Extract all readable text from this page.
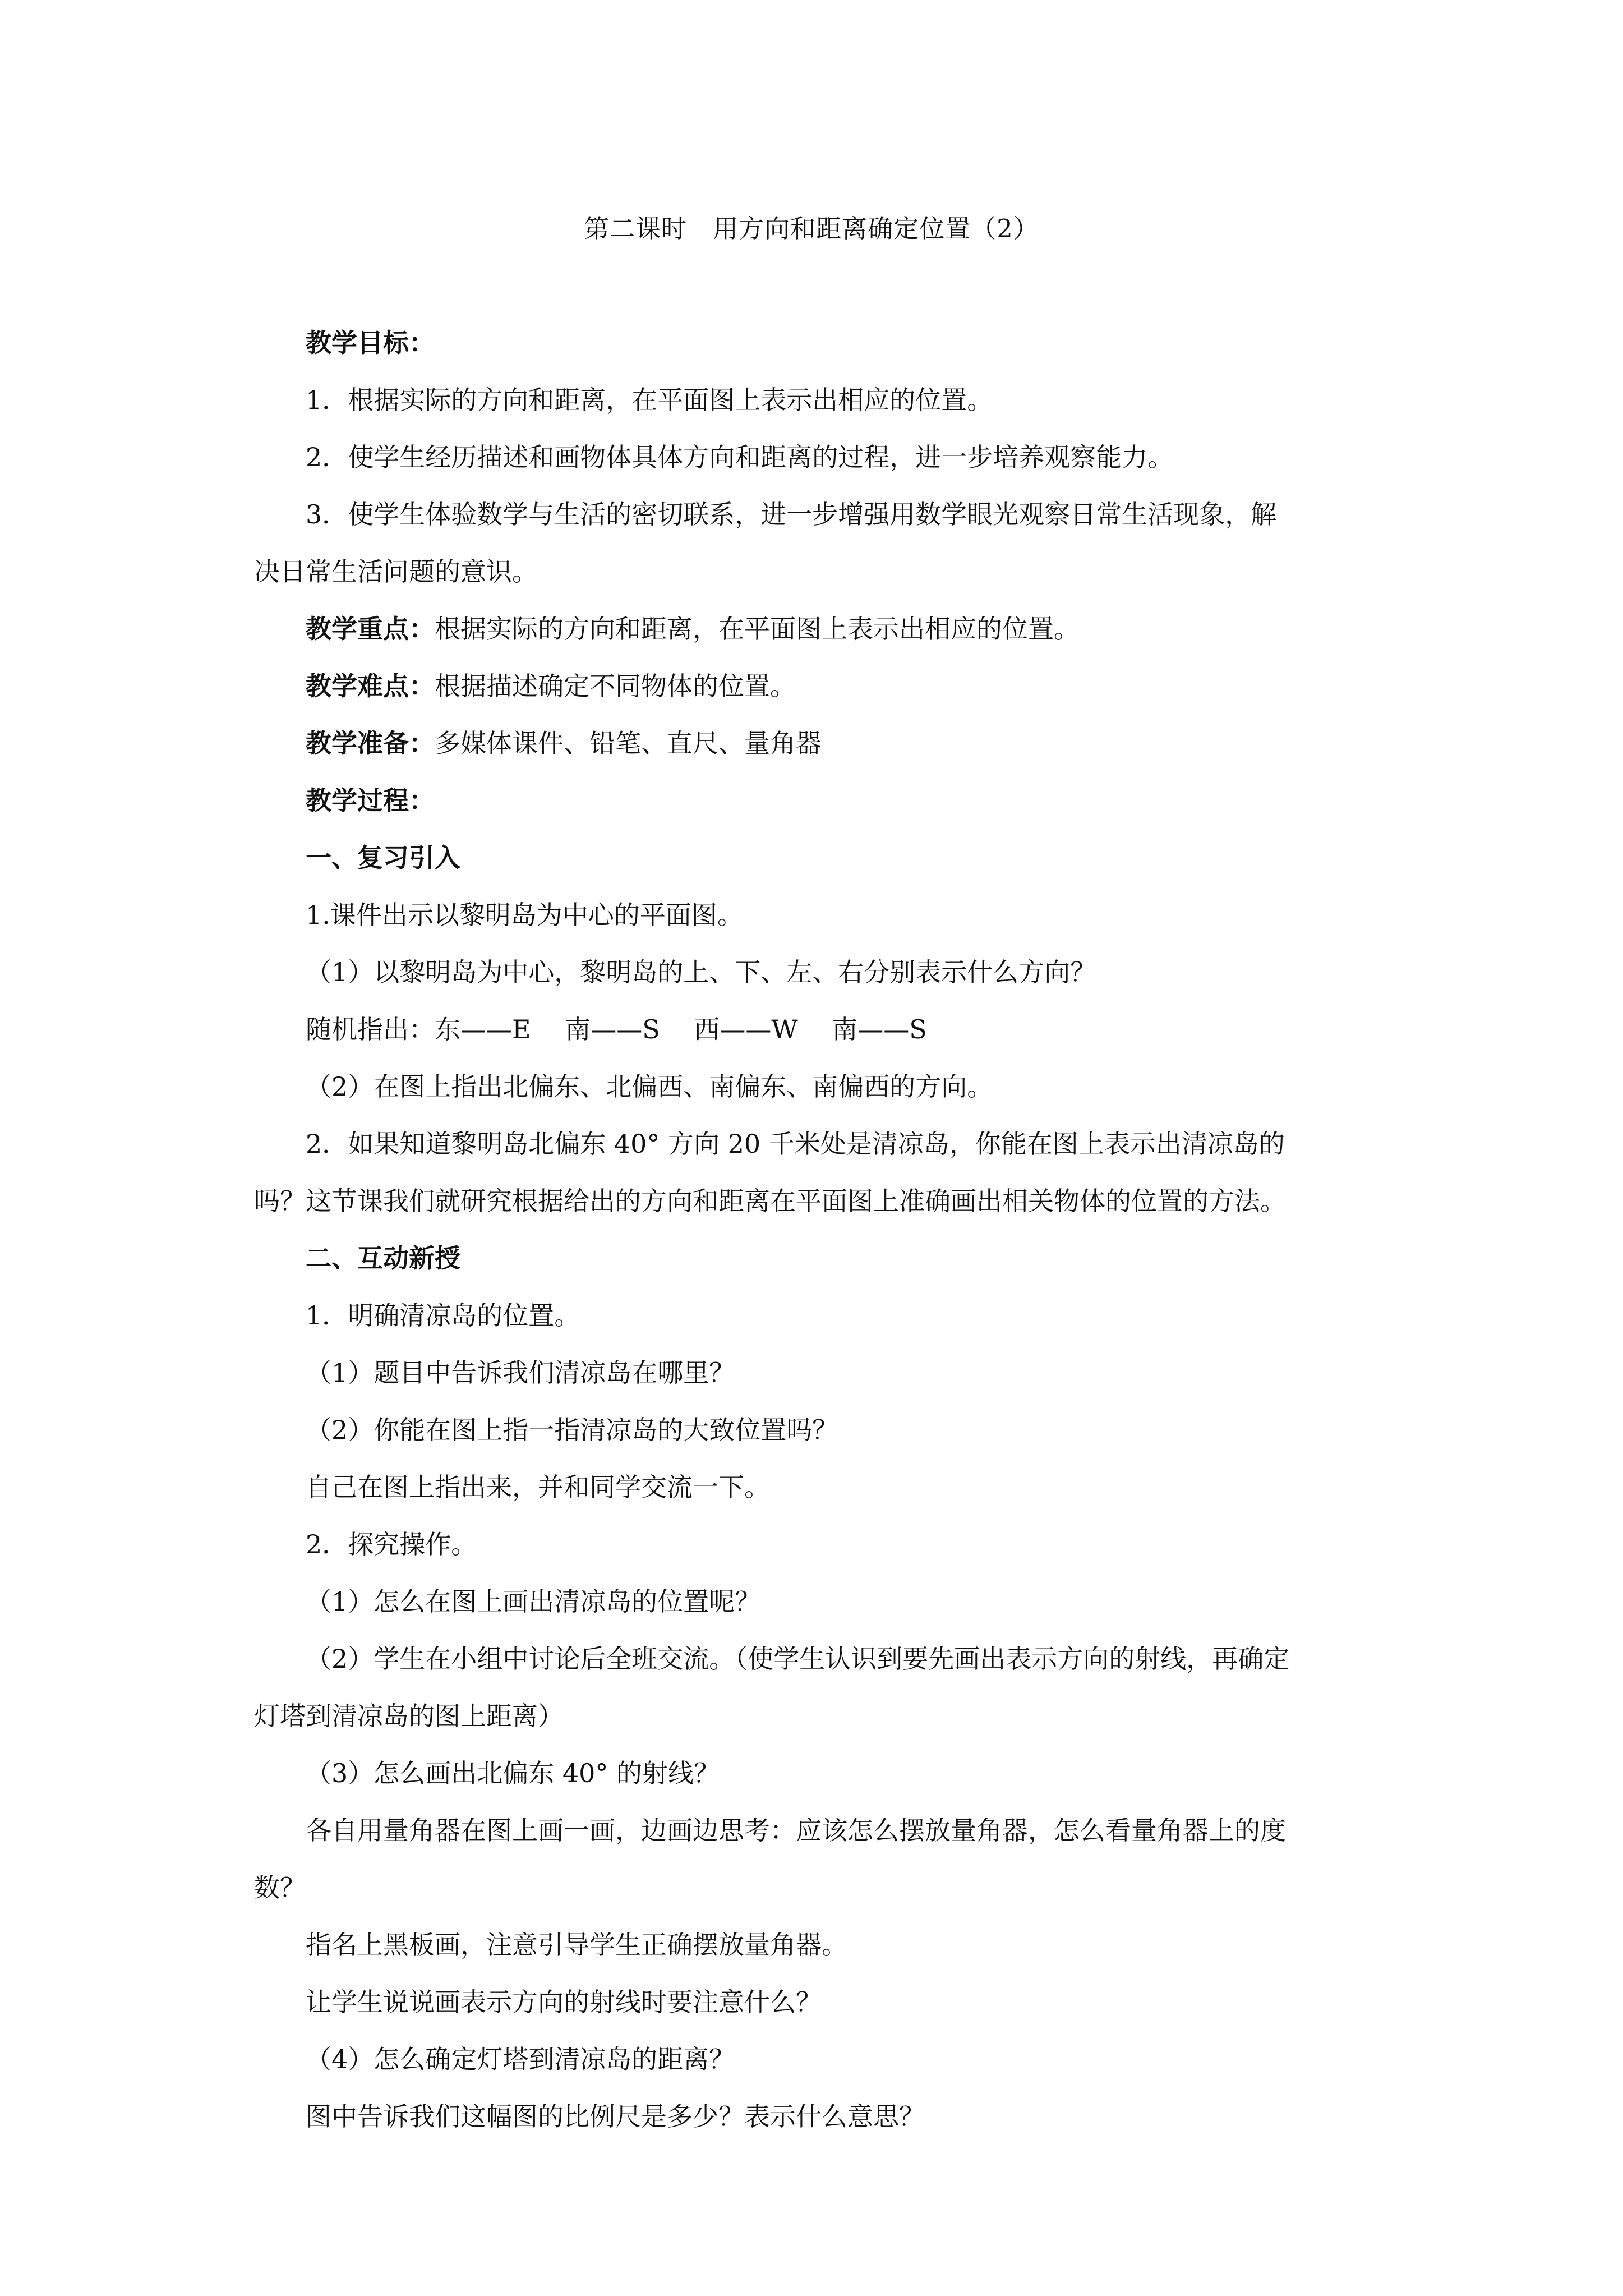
第二课时　用方向和距离确定位置（2）
教学目标：
1．根据实际的方向和距离，在平面图上表示出相应的位置。
2．使学生经历描述和画物体具体方向和距离的过程，进一步培养观察能力。
3．使学生体验数学与生活的密切联系，进一步增强用数学眼光观察日常生活现象，解
决日常生活问题的意识。
教学重点：根据实际的方向和距离，在平面图上表示出相应的位置。
教学难点：根据描述确定不同物体的位置。
教学准备：多媒体课件、铅笔、直尺、量角器
教学过程：
一、复习引入
1.课件出示以黎明岛为中心的平面图。
（1）以黎明岛为中心，黎明岛的上、下、左、右分别表示什么方向？
随机指出：东——E　 南——S　 西——W　 南——S
（2）在图上指出北偏东、北偏西、南偏东、南偏西的方向。
2．如果知道黎明岛北偏东 40° 方向 20 千米处是清凉岛，你能在图上表示出清凉岛的
吗？这节课我们就研究根据给出的方向和距离在平面图上准确画出相关物体的位置的方法。
二、互动新授
1．明确清凉岛的位置。
（1）题目中告诉我们清凉岛在哪里？
（2）你能在图上指一指清凉岛的大致位置吗？
自己在图上指出来，并和同学交流一下。
2．探究操作。
（1）怎么在图上画出清凉岛的位置呢？
（2）学生在小组中讨论后全班交流。（使学生认识到要先画出表示方向的射线，再确定
灯塔到清凉岛的图上距离）
（3）怎么画出北偏东 40° 的射线？
各自用量角器在图上画一画，边画边思考：应该怎么摆放量角器，怎么看量角器上的度
数？
指名上黑板画，注意引导学生正确摆放量角器。
让学生说说画表示方向的射线时要注意什么？
（4）怎么确定灯塔到清凉岛的距离？
图中告诉我们这幅图的比例尺是多少？表示什么意思？
